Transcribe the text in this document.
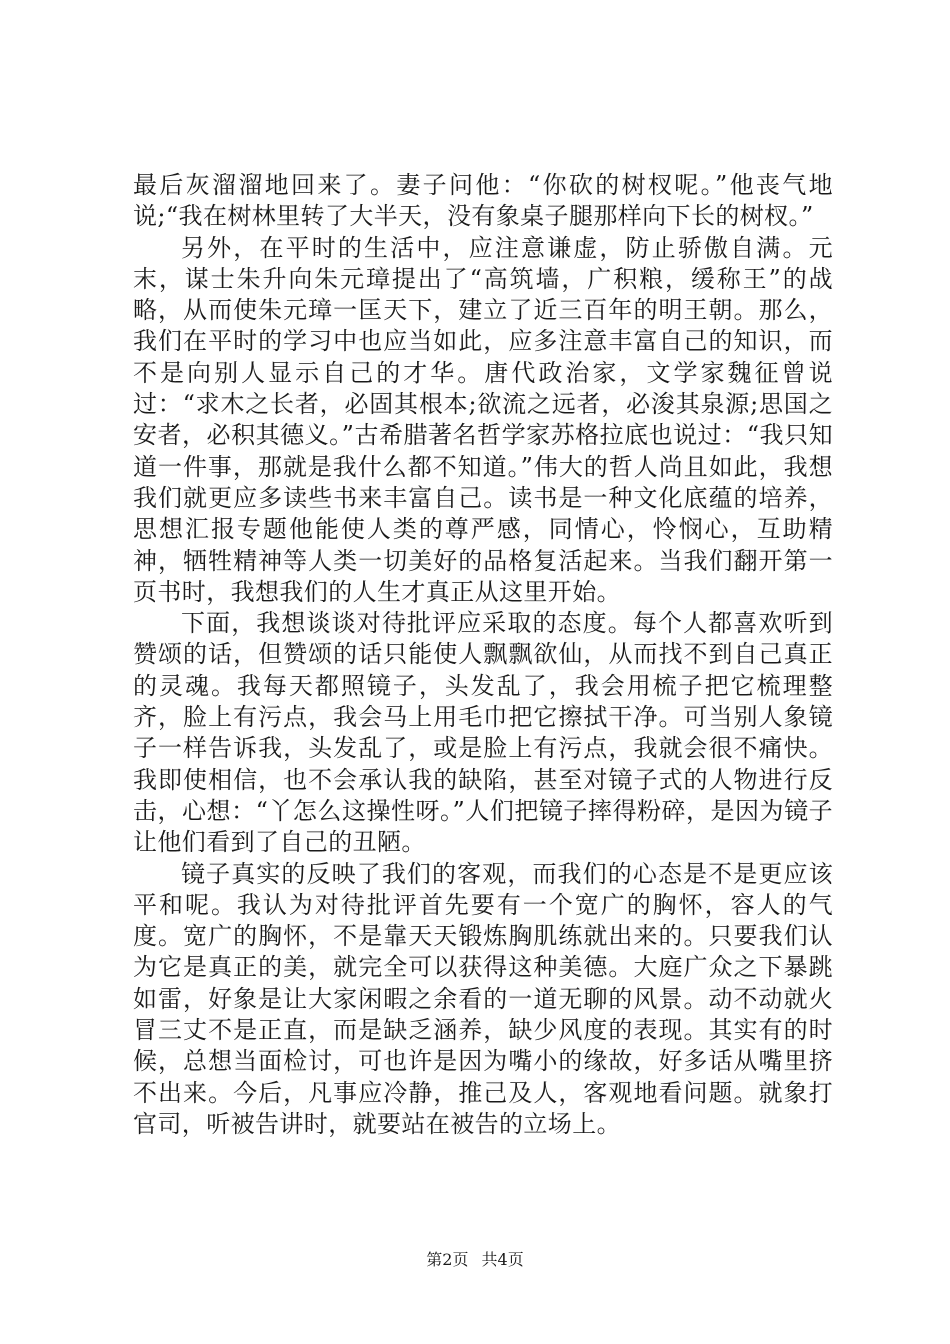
最后灰溜溜地回来了。妻子问他：“你砍的树杈呢。”他丧气地说;“我在树林里转了大半天，没有象桌子腿那样向下长的树杈。”

另外，在平时的生活中，应注意谦虚，防止骄傲自满。元末，谋士朱升向朱元璋提出了“高筑墙，广积粮，缓称王”的战略，从而使朱元璋一匡天下，建立了近三百年的明王朝。那么，我们在平时的学习中也应当如此，应多注意丰富自己的知识，而不是向别人显示自己的才华。唐代政治家，文学家魏征曾说过：“求木之长者，必固其根本;欲流之远者，必浚其泉源;思国之安者，必积其德义。”古希腊著名哲学家苏格拉底也说过：“我只知道一件事，那就是我什么都不知道。”伟大的哲人尚且如此，我想我们就更应多读些书来丰富自己。读书是一种文化底蕴的培养，思想汇报专题他能使人类的尊严感，同情心，怜悯心，互助精神，牺牲精神等人类一切美好的品格复活起来。当我们翻开第一页书时，我想我们的人生才真正从这里开始。

下面，我想谈谈对待批评应采取的态度。每个人都喜欢听到赞颂的话，但赞颂的话只能使人飘飘欲仙，从而找不到自己真正的灵魂。我每天都照镜子，头发乱了，我会用梳子把它梳理整齐，脸上有污点，我会马上用毛巾把它擦拭干净。可当别人象镜子一样告诉我，头发乱了，或是脸上有污点，我就会很不痛快。我即使相信，也不会承认我的缺陷，甚至对镜子式的人物进行反击，心想：“丫怎么这操性呀。”人们把镜子摔得粉碎，是因为镜子让他们看到了自己的丑陋。

镜子真实的反映了我们的客观，而我们的心态是不是更应该平和呢。我认为对待批评首先要有一个宽广的胸怀，容人的气度。宽广的胸怀，不是靠天天锻炼胸肌练就出来的。只要我们认为它是真正的美，就完全可以获得这种美德。大庭广众之下暴跳如雷，好象是让大家闲暇之余看的一道无聊的风景。动不动就火冒三丈不是正直，而是缺乏涵养，缺少风度的表现。其实有的时候，总想当面检讨，可也许是因为嘴小的缘故，好多话从嘴里挤不出来。今后，凡事应冷静，推己及人，客观地看问题。就象打官司，听被告讲时，就要站在被告的立场上。

第2页 共4页
